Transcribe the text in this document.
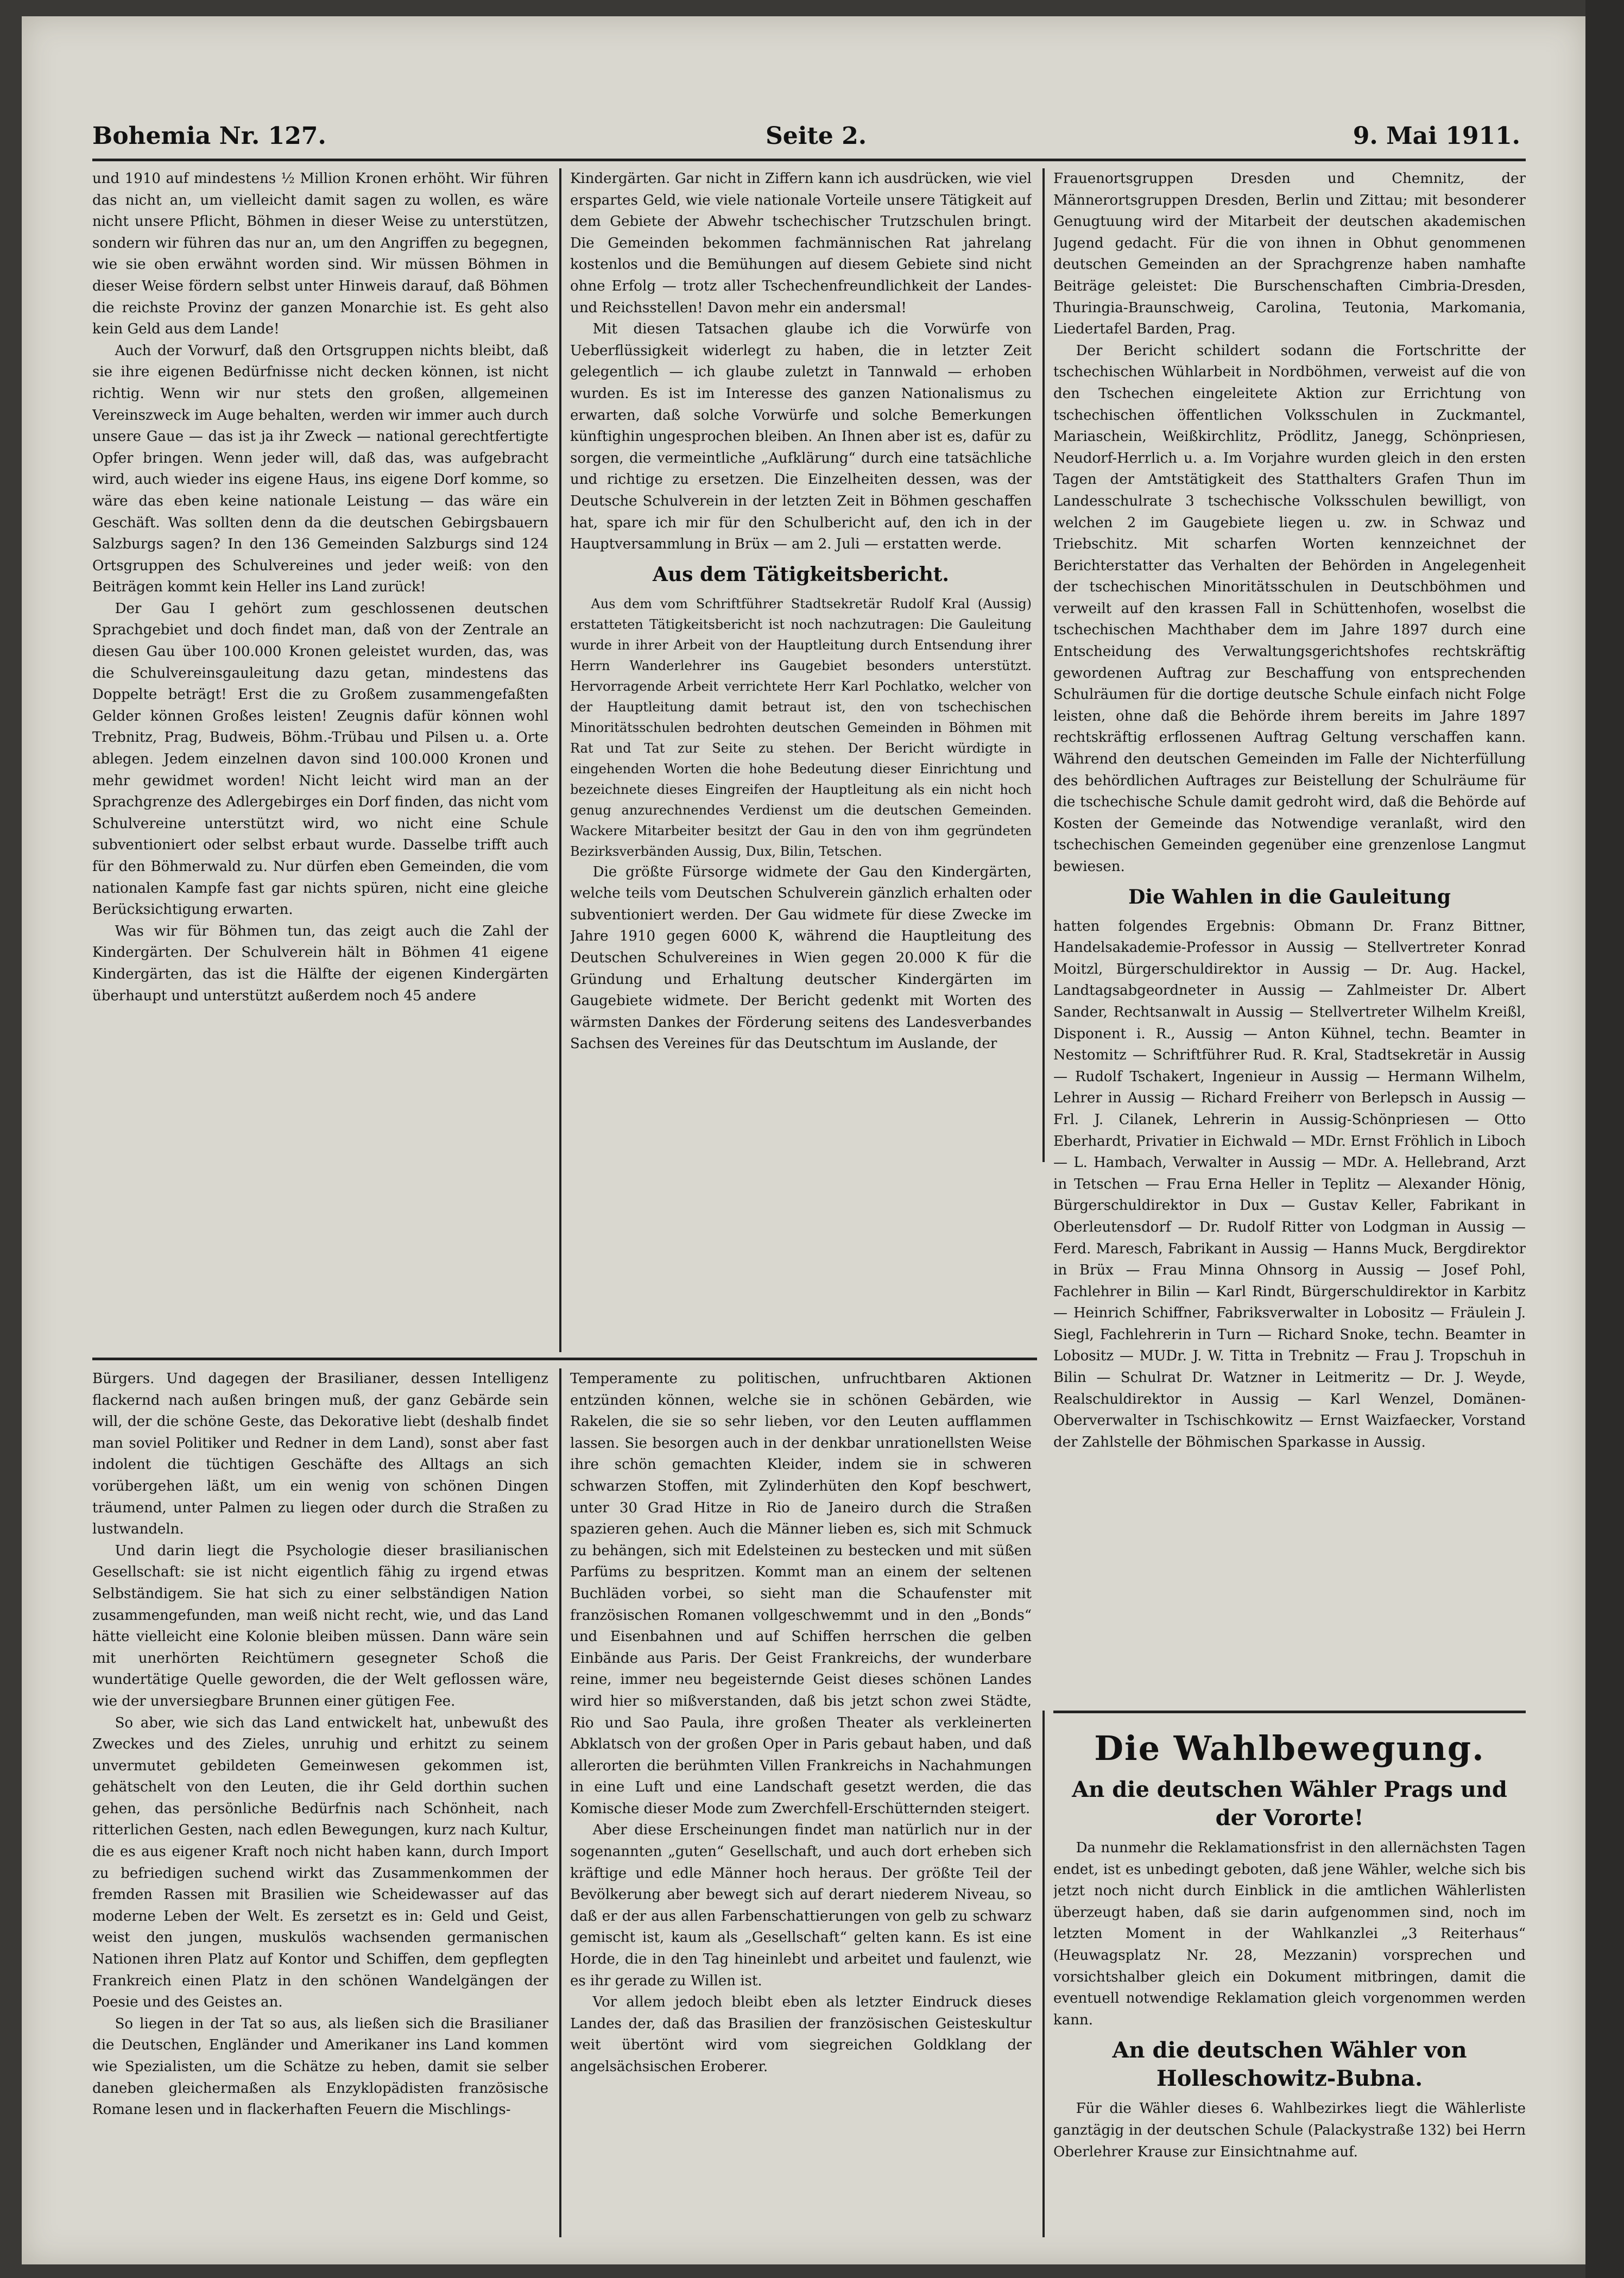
Bohemia Nr. 127.	Seite 2.	9. Mai 1911.

und 1910 auf mindestens ½ Million Kronen erhöht. Wir führen das nicht an, um vielleicht damit sagen zu wollen, es wäre nicht unsere Pflicht, Böhmen in dieser Weise zu unterstützen, sondern wir führen das nur an, um den Angriffen zu begegnen, wie sie oben erwähnt worden sind. Wir müssen Böhmen in dieser Weise fördern selbst unter Hinweis darauf, daß Böhmen die reichste Provinz der ganzen Monarchie ist. Es geht also kein Geld aus dem Lande!

Auch der Vorwurf, daß den Ortsgruppen nichts bleibt, daß sie ihre eigenen Bedürfnisse nicht decken können, ist nicht richtig. Wenn wir nur stets den großen, allgemeinen Vereinszweck im Auge behalten, werden wir immer auch durch unsere Gaue — das ist ja ihr Zweck — national gerechtfertigte Opfer bringen. Wenn jeder will, daß das, was aufgebracht wird, auch wieder ins eigene Haus, ins eigene Dorf komme, so wäre das eben keine nationale Leistung — das wäre ein Geschäft. Was sollten denn da die deutschen Gebirgsbauern Salzburgs sagen? In den 136 Gemeinden Salzburgs sind 124 Ortsgruppen des Schulvereines und jeder weiß: von den Beiträgen kommt kein Heller ins Land zurück!

Der Gau I gehört zum geschlossenen deutschen Sprachgebiet und doch findet man, daß von der Zentrale an diesen Gau über 100.000 Kronen geleistet wurden, das, was die Schulvereinsgauleitung dazu getan, mindestens das Doppelte beträgt! Erst die zu Großem zusammengefaßten Gelder können Großes leisten! Zeugnis dafür können wohl Trebnitz, Prag, Budweis, Böhm.-Trübau und Pilsen u. a. Orte ablegen. Jedem einzelnen davon sind 100.000 Kronen und mehr gewidmet worden! Nicht leicht wird man an der Sprachgrenze des Adlergebirges ein Dorf finden, das nicht vom Schulvereine unterstützt wird, wo nicht eine Schule subventioniert oder selbst erbaut wurde. Dasselbe trifft auch für den Böhmerwald zu. Nur dürfen eben Gemeinden, die vom nationalen Kampfe fast gar nichts spüren, nicht eine gleiche Berücksichtigung erwarten.

Was wir für Böhmen tun, das zeigt auch die Zahl der Kindergärten. Der Schulverein hält in Böhmen 41 eigene Kindergärten, das ist die Hälfte der eigenen Kindergärten überhaupt und unterstützt außerdem noch 45 andere

Kindergärten. Gar nicht in Ziffern kann ich ausdrücken, wie viel erspartes Geld, wie viele nationale Vorteile unsere Tätigkeit auf dem Gebiete der Abwehr tschechischer Trutzschulen bringt. Die Gemeinden bekommen fachmännischen Rat jahrelang kostenlos und die Bemühungen auf diesem Gebiete sind nicht ohne Erfolg — trotz aller Tschechenfreundlichkeit der Landes- und Reichsstellen! Davon mehr ein andersmal!

Mit diesen Tatsachen glaube ich die Vorwürfe von Ueberflüssigkeit widerlegt zu haben, die in letzter Zeit gelegentlich — ich glaube zuletzt in Tannwald — erhoben wurden. Es ist im Interesse des ganzen Nationalismus zu erwarten, daß solche Vorwürfe und solche Bemerkungen künftighin ungesprochen bleiben. An Ihnen aber ist es, dafür zu sorgen, die vermeintliche „Aufklärung“ durch eine tatsächliche und richtige zu ersetzen. Die Einzelheiten dessen, was der Deutsche Schulverein in der letzten Zeit in Böhmen geschaffen hat, spare ich mir für den Schulbericht auf, den ich in der Hauptversammlung in Brüx — am 2. Juli — erstatten werde.

Aus dem Tätigkeitsbericht.

Aus dem vom Schriftführer Stadtsekretär Rudolf Kral (Aussig) erstatteten Tätigkeitsbericht ist noch nachzutragen: Die Gauleitung wurde in ihrer Arbeit von der Hauptleitung durch Entsendung ihrer Herrn Wanderlehrer ins Gaugebiet besonders unterstützt. Hervorragende Arbeit verrichtete Herr Karl Pochlatko, welcher von der Hauptleitung damit betraut ist, den von tschechischen Minoritätsschulen bedrohten deutschen Gemeinden in Böhmen mit Rat und Tat zur Seite zu stehen. Der Bericht würdigte in eingehenden Worten die hohe Bedeutung dieser Einrichtung und bezeichnete dieses Eingreifen der Hauptleitung als ein nicht hoch genug anzurechnendes Verdienst um die deutschen Gemeinden. Wackere Mitarbeiter besitzt der Gau in den von ihm gegründeten Bezirksverbänden Aussig, Dux, Bilin, Tetschen.

Die größte Fürsorge widmete der Gau den Kindergärten, welche teils vom Deutschen Schulverein gänzlich erhalten oder subventioniert werden. Der Gau widmete für diese Zwecke im Jahre 1910 gegen 6000 K, während die Hauptleitung des Deutschen Schulvereines in Wien gegen 20.000 K für die Gründung und Erhaltung deutscher Kindergärten im Gaugebiete widmete. Der Bericht gedenkt mit Worten des wärmsten Dankes der Förderung seitens des Landesverbandes Sachsen des Vereines für das Deutschtum im Auslande, der

Frauenortsgruppen Dresden und Chemnitz, der Männerortsgruppen Dresden, Berlin und Zittau; mit besonderer Genugtuung wird der Mitarbeit der deutschen akademischen Jugend gedacht. Für die von ihnen in Obhut genommenen deutschen Gemeinden an der Sprachgrenze haben namhafte Beiträge geleistet: Die Burschenschaften Cimbria-Dresden, Thuringia-Braunschweig, Carolina, Teutonia, Markomania, Liedertafel Barden, Prag.

Der Bericht schildert sodann die Fortschritte der tschechischen Wühlarbeit in Nordböhmen, verweist auf die von den Tschechen eingeleitete Aktion zur Errichtung von tschechischen öffentlichen Volksschulen in Zuckmantel, Mariaschein, Weißkirchlitz, Prödlitz, Janegg, Schönpriesen, Neudorf-Herrlich u. a. Im Vorjahre wurden gleich in den ersten Tagen der Amtstätigkeit des Statthalters Grafen Thun im Landesschulrate 3 tschechische Volksschulen bewilligt, von welchen 2 im Gaugebiete liegen u. zw. in Schwaz und Triebschitz. Mit scharfen Worten kennzeichnet der Berichterstatter das Verhalten der Behörden in Angelegenheit der tschechischen Minoritätsschulen in Deutschböhmen und verweilt auf den krassen Fall in Schüttenhofen, woselbst die tschechischen Machthaber dem im Jahre 1897 durch eine Entscheidung des Verwaltungsgerichtshofes rechtskräftig gewordenen Auftrag zur Beschaffung von entsprechenden Schulräumen für die dortige deutsche Schule einfach nicht Folge leisten, ohne daß die Behörde ihrem bereits im Jahre 1897 rechtskräftig erflossenen Auftrag Geltung verschaffen kann. Während den deutschen Gemeinden im Falle der Nichterfüllung des behördlichen Auftrages zur Beistellung der Schulräume für die tschechische Schule damit gedroht wird, daß die Behörde auf Kosten der Gemeinde das Notwendige veranlaßt, wird den tschechischen Gemeinden gegenüber eine grenzenlose Langmut bewiesen.

Die Wahlen in die Gauleitung

hatten folgendes Ergebnis: Obmann Dr. Franz Bittner, Handelsakademie-Professor in Aussig — Stellvertreter Konrad Moitzl, Bürgerschuldirektor in Aussig — Dr. Aug. Hackel, Landtagsabgeordneter in Aussig — Zahlmeister Dr. Albert Sander, Rechtsanwalt in Aussig — Stellvertreter Wilhelm Kreißl, Disponent i. R., Aussig — Anton Kühnel, techn. Beamter in Nestomitz — Schriftführer Rud. R. Kral, Stadtsekretär in Aussig — Rudolf Tschakert, Ingenieur in Aussig — Hermann Wilhelm, Lehrer in Aussig — Richard Freiherr von Berlepsch in Aussig — Frl. J. Cilanek, Lehrerin in Aussig-Schönpriesen — Otto Eberhardt, Privatier in Eichwald — MDr. Ernst Fröhlich in Liboch — L. Hambach, Verwalter in Aussig — MDr. A. Hellebrand, Arzt in Tetschen — Frau Erna Heller in Teplitz — Alexander Hönig, Bürgerschuldirektor in Dux — Gustav Keller, Fabrikant in Oberleutensdorf — Dr. Rudolf Ritter von Lodgman in Aussig — Ferd. Maresch, Fabrikant in Aussig — Hanns Muck, Bergdirektor in Brüx — Frau Minna Ohnsorg in Aussig — Josef Pohl, Fachlehrer in Bilin — Karl Rindt, Bürgerschuldirektor in Karbitz — Heinrich Schiffner, Fabriksverwalter in Lobositz — Fräulein J. Siegl, Fachlehrerin in Turn — Richard Snoke, techn. Beamter in Lobositz — MUDr. J. W. Titta in Trebnitz — Frau J. Tropschuh in Bilin — Schulrat Dr. Watzner in Leitmeritz — Dr. J. Weyde, Realschuldirektor in Aussig — Karl Wenzel, Domänen-Oberverwalter in Tschischkowitz — Ernst Waizfaecker, Vorstand der Zahlstelle der Böhmischen Sparkasse in Aussig.

Bürgers. Und dagegen der Brasilianer, dessen Intelligenz flackernd nach außen bringen muß, der ganz Gebärde sein will, der die schöne Geste, das Dekorative liebt (deshalb findet man soviel Politiker und Redner in dem Land), sonst aber fast indolent die tüchtigen Geschäfte des Alltags an sich vorübergehen läßt, um ein wenig von schönen Dingen träumend, unter Palmen zu liegen oder durch die Straßen zu lustwandeln.

Und darin liegt die Psychologie dieser brasilianischen Gesellschaft: sie ist nicht eigentlich fähig zu irgend etwas Selbständigem. Sie hat sich zu einer selbständigen Nation zusammengefunden, man weiß nicht recht, wie, und das Land hätte vielleicht eine Kolonie bleiben müssen. Dann wäre sein mit unerhörten Reichtümern gesegneter Schoß die wundertätige Quelle geworden, die der Welt geflossen wäre, wie der unversiegbare Brunnen einer gütigen Fee.

So aber, wie sich das Land entwickelt hat, unbewußt des Zweckes und des Zieles, unruhig und erhitzt zu seinem unvermutet gebildeten Gemeinwesen gekommen ist, gehätschelt von den Leuten, die ihr Geld dorthin suchen gehen, das persönliche Bedürfnis nach Schönheit, nach ritterlichen Gesten, nach edlen Bewegungen, kurz nach Kultur, die es aus eigener Kraft noch nicht haben kann, durch Import zu befriedigen suchend wirkt das Zusammenkommen der fremden Rassen mit Brasilien wie Scheidewasser auf das moderne Leben der Welt. Es zersetzt es in: Geld und Geist, weist den jungen, muskulös wachsenden germanischen Nationen ihren Platz auf Kontor und Schiffen, dem gepflegten Frankreich einen Platz in den schönen Wandelgängen der Poesie und des Geistes an.

So liegen in der Tat so aus, als ließen sich die Brasilianer die Deutschen, Engländer und Amerikaner ins Land kommen wie Spezialisten, um die Schätze zu heben, damit sie selber daneben gleichermaßen als Enzyklopädisten französische Romane lesen und in flackerhaften Feuern die Mischlings-

Temperamente zu politischen, unfruchtbaren Aktionen entzünden können, welche sie in schönen Gebärden, wie Rakelen, die sie so sehr lieben, vor den Leuten aufflammen lassen. Sie besorgen auch in der denkbar unrationellsten Weise ihre schön gemachten Kleider, indem sie in schweren schwarzen Stoffen, mit Zylinderhüten den Kopf beschwert, unter 30 Grad Hitze in Rio de Janeiro durch die Straßen spazieren gehen. Auch die Männer lieben es, sich mit Schmuck zu behängen, sich mit Edelsteinen zu bestecken und mit süßen Parfüms zu bespritzen. Kommt man an einem der seltenen Buchläden vorbei, so sieht man die Schaufenster mit französischen Romanen vollgeschwemmt und in den „Bonds“ und Eisenbahnen und auf Schiffen herrschen die gelben Einbände aus Paris. Der Geist Frankreichs, der wunderbare reine, immer neu begeisternde Geist dieses schönen Landes wird hier so mißverstanden, daß bis jetzt schon zwei Städte, Rio und Sao Paula, ihre großen Theater als verkleinerten Abklatsch von der großen Oper in Paris gebaut haben, und daß allerorten die berühmten Villen Frankreichs in Nachahmungen in eine Luft und eine Landschaft gesetzt werden, die das Komische dieser Mode zum Zwerchfell-Erschütternden steigert.

Aber diese Erscheinungen findet man natürlich nur in der sogenannten „guten“ Gesellschaft, und auch dort erheben sich kräftige und edle Männer hoch heraus. Der größte Teil der Bevölkerung aber bewegt sich auf derart niederem Niveau, so daß er der aus allen Farbenschattierungen von gelb zu schwarz gemischt ist, kaum als „Gesellschaft“ gelten kann. Es ist eine Horde, die in den Tag hineinlebt und arbeitet und faulenzt, wie es ihr gerade zu Willen ist.

Vor allem jedoch bleibt eben als letzter Eindruck dieses Landes der, daß das Brasilien der französischen Geisteskultur weit übertönt wird vom siegreichen Goldklang der angelsächsischen Eroberer.

Die Wahlbewegung.
An die deutschen Wähler Prags und der Vororte!

Da nunmehr die Reklamationsfrist in den allernächsten Tagen endet, ist es unbedingt geboten, daß jene Wähler, welche sich bis jetzt noch nicht durch Einblick in die amtlichen Wählerlisten überzeugt haben, daß sie darin aufgenommen sind, noch im letzten Moment in der Wahlkanzlei „3 Reiterhaus“ (Heuwagsplatz Nr. 28, Mezzanin) vorsprechen und vorsichtshalber gleich ein Dokument mitbringen, damit die eventuell notwendige Reklamation gleich vorgenommen werden kann.

An die deutschen Wähler von Holleschowitz-Bubna.

Für die Wähler dieses 6. Wahlbezirkes liegt die Wählerliste ganztägig in der deutschen Schule (Palackystraße 132) bei Herrn Oberlehrer Krause zur Einsichtnahme auf.
